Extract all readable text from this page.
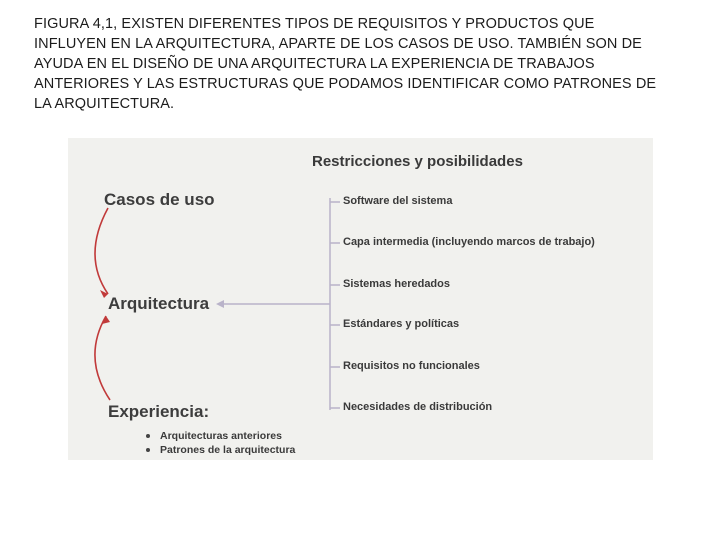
FIGURA 4,1, EXISTEN DIFERENTES TIPOS DE REQUISITOS Y PRODUCTOS QUE
INFLUYEN EN LA ARQUITECTURA, APARTE DE LOS CASOS DE USO. TAMBIÉN SON DE
AYUDA EN EL DISEÑO DE UNA ARQUITECTURA LA EXPERIENCIA DE TRABAJOS
ANTERIORES Y LAS ESTRUCTURAS QUE PODAMOS IDENTIFICAR COMO PATRONES DE
LA ARQUITECTURA.
Casos de uso
Arquitectura
Experiencia:
Arquitecturas anteriores
Patrones de la arquitectura
Restricciones y posibilidades
Software del sistema
Capa intermedia (incluyendo marcos de trabajo)
Sistemas heredados
Estándares y políticas
Requisitos no funcionales
Necesidades de distribución
